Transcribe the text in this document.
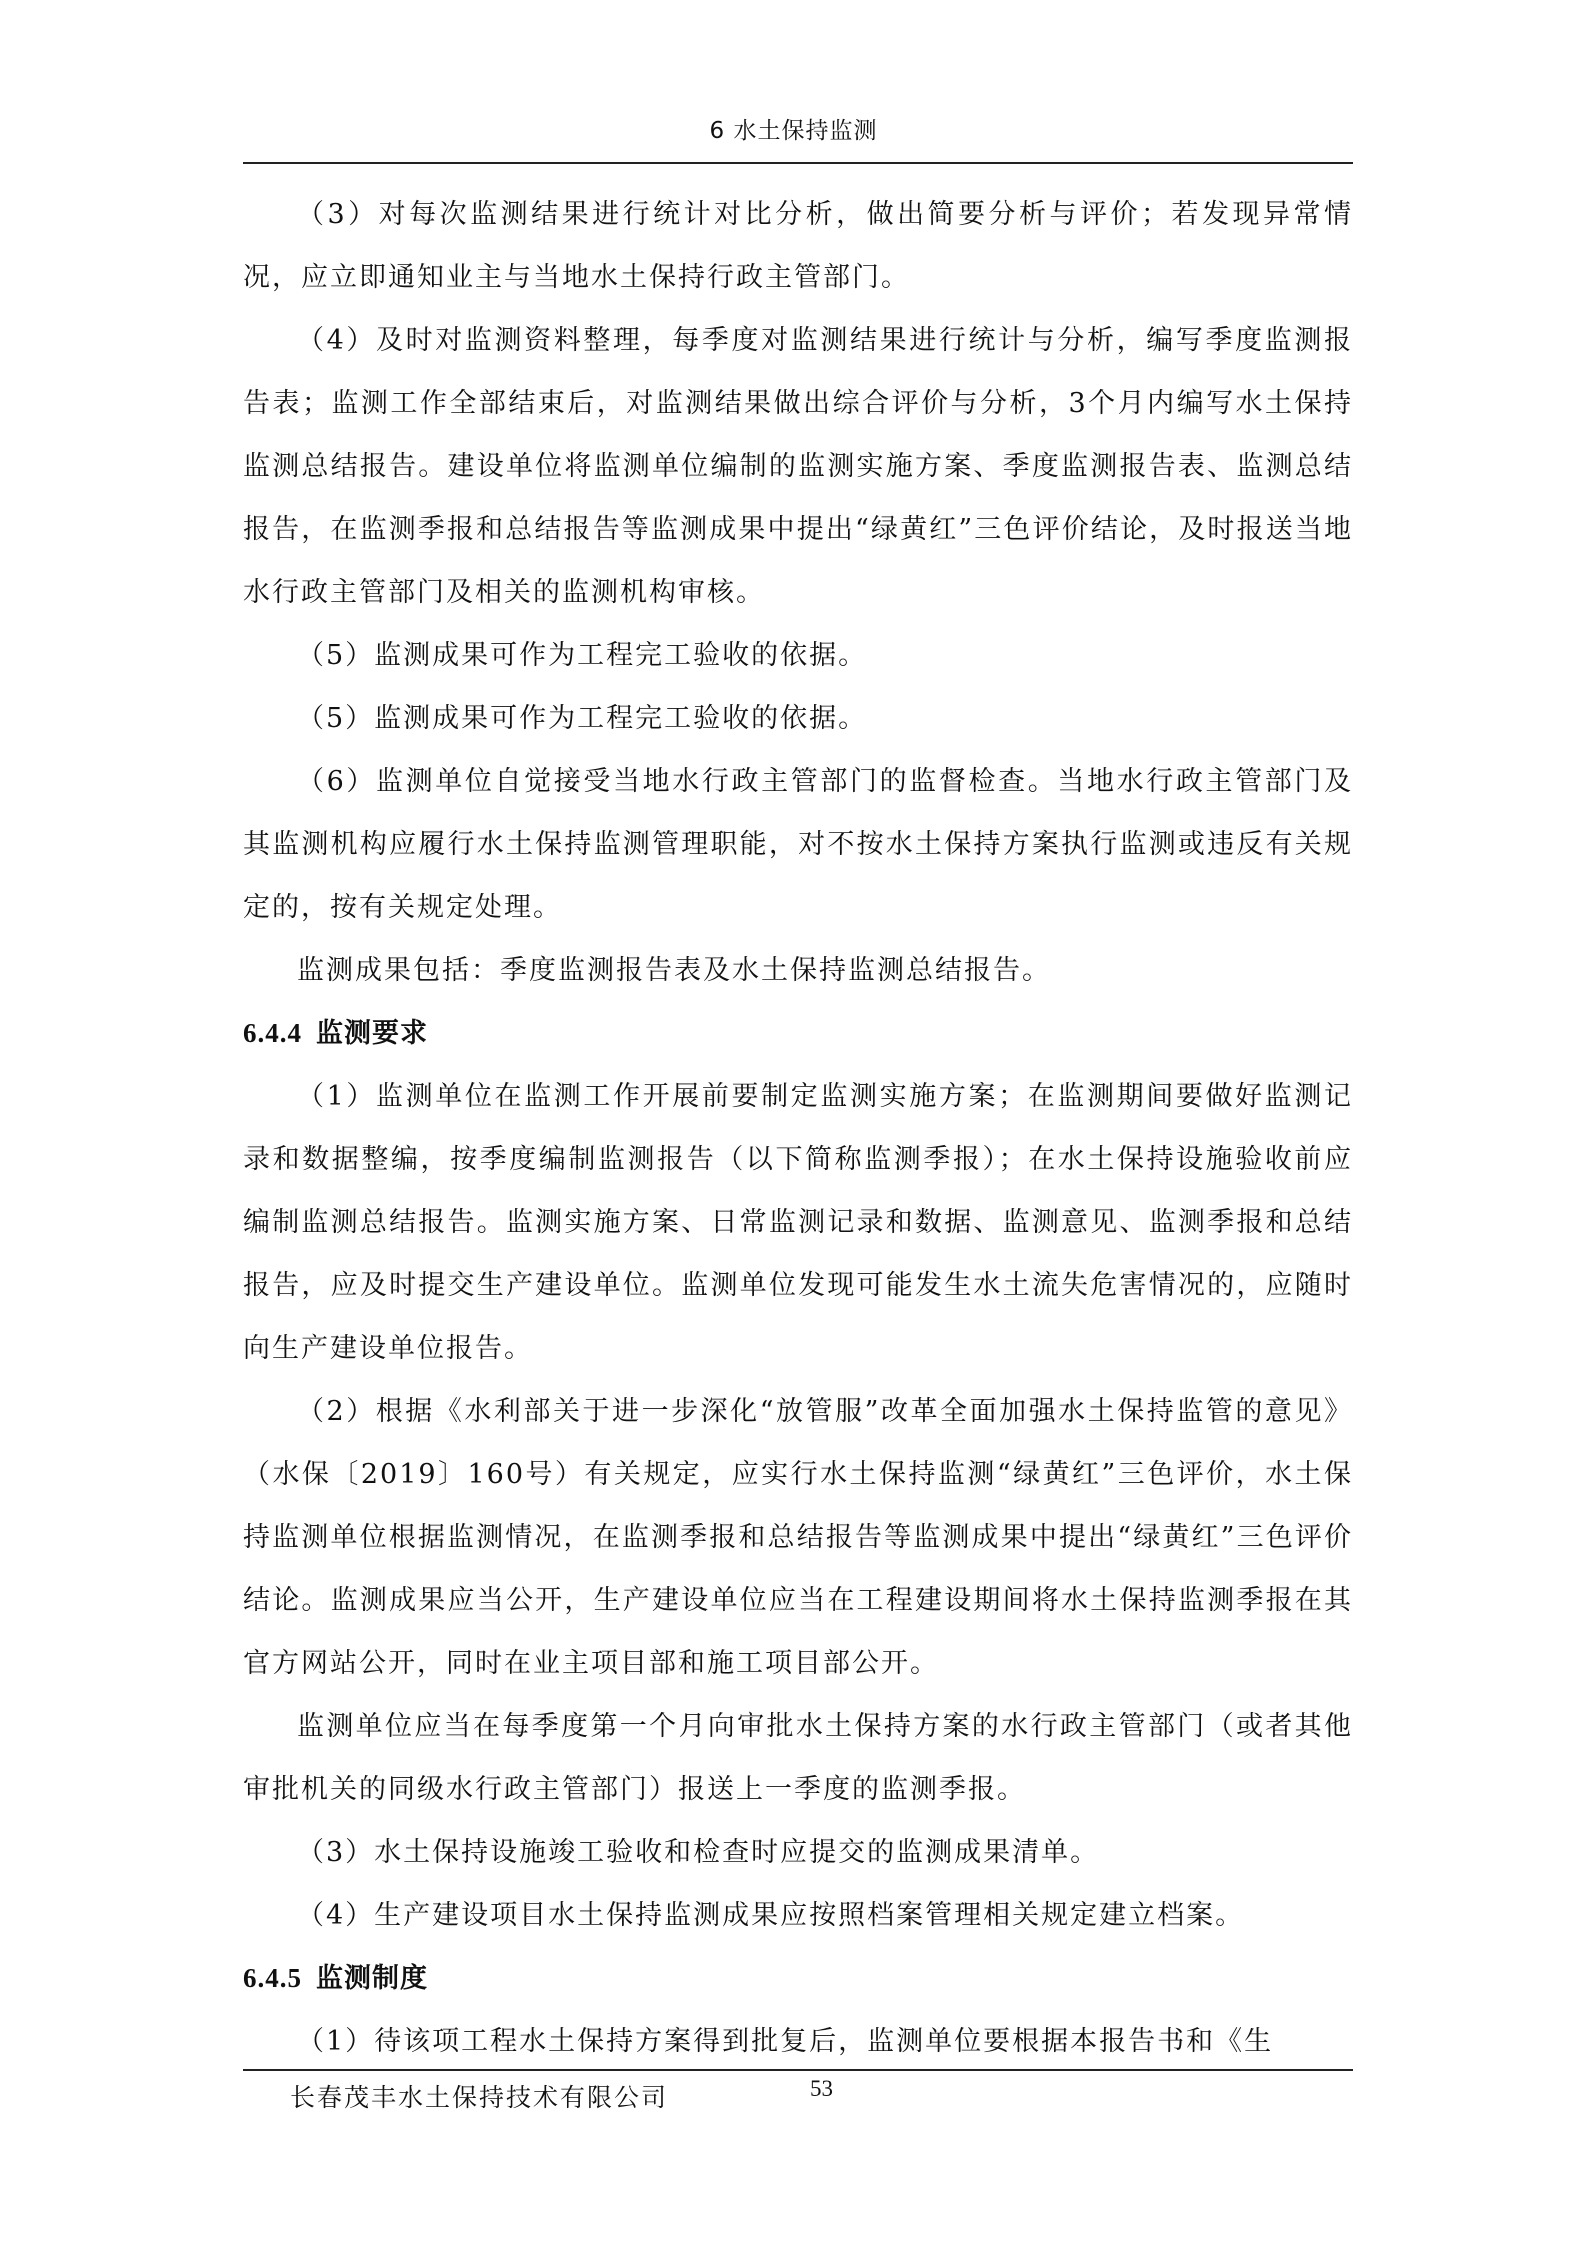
6 水土保持监测

（3）对每次监测结果进行统计对比分析，做出简要分析与评价；若发现异常情况，应立即通知业主与当地水土保持行政主管部门。

（4）及时对监测资料整理，每季度对监测结果进行统计与分析，编写季度监测报告表；监测工作全部结束后，对监测结果做出综合评价与分析，3个月内编写水土保持监测总结报告。建设单位将监测单位编制的监测实施方案、季度监测报告表、监测总结报告，在监测季报和总结报告等监测成果中提出“绿黄红”三色评价结论，及时报送当地水行政主管部门及相关的监测机构审核。

（5）监测成果可作为工程完工验收的依据。

（5）监测成果可作为工程完工验收的依据。

（6）监测单位自觉接受当地水行政主管部门的监督检查。当地水行政主管部门及其监测机构应履行水土保持监测管理职能，对不按水土保持方案执行监测或违反有关规定的，按有关规定处理。

监测成果包括：季度监测报告表及水土保持监测总结报告。

6.4.4 监测要求

（1）监测单位在监测工作开展前要制定监测实施方案；在监测期间要做好监测记录和数据整编，按季度编制监测报告（以下简称监测季报）；在水土保持设施验收前应编制监测总结报告。监测实施方案、日常监测记录和数据、监测意见、监测季报和总结报告，应及时提交生产建设单位。监测单位发现可能发生水土流失危害情况的，应随时向生产建设单位报告。

（2）根据《水利部关于进一步深化“放管服”改革全面加强水土保持监管的意见》（水保〔2019〕160号）有关规定，应实行水土保持监测“绿黄红”三色评价，水土保持监测单位根据监测情况，在监测季报和总结报告等监测成果中提出“绿黄红”三色评价结论。监测成果应当公开，生产建设单位应当在工程建设期间将水土保持监测季报在其官方网站公开，同时在业主项目部和施工项目部公开。

监测单位应当在每季度第一个月向审批水土保持方案的水行政主管部门（或者其他审批机关的同级水行政主管部门）报送上一季度的监测季报。

（3）水土保持设施竣工验收和检查时应提交的监测成果清单。

（4）生产建设项目水土保持监测成果应按照档案管理相关规定建立档案。

6.4.5 监测制度

（1）待该项工程水土保持方案得到批复后，监测单位要根据本报告书和《生

长春茂丰水土保持技术有限公司	53
